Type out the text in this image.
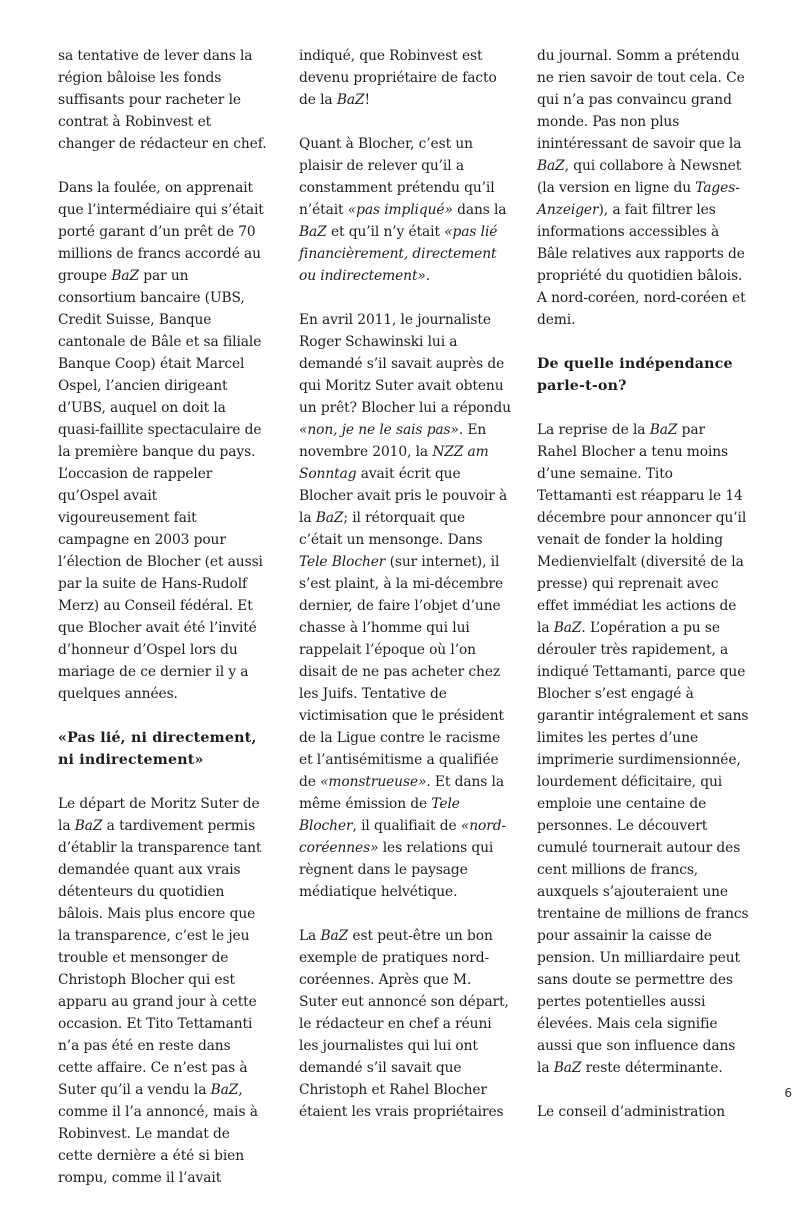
sa tentative de lever dans la région bâloise les fonds suffisants pour racheter le contrat à Robinvest et changer de rédacteur en chef.

Dans la foulée, on apprenait que l’intermédiaire qui s’était porté garant d’un prêt de 70 millions de francs accordé au groupe BaZ par un consortium bancaire (UBS, Credit Suisse, Banque cantonale de Bâle et sa filiale Banque Coop) était Marcel Ospel, l’ancien dirigeant d’UBS, auquel on doit la quasi-faillite spectaculaire de la première banque du pays. L’occasion de rappeler qu’Ospel avait vigoureusement fait campagne en 2003 pour l’élection de Blocher (et aussi par la suite de Hans-Rudolf Merz) au Conseil fédéral. Et que Blocher avait été l’invité d’honneur d’Ospel lors du mariage de ce dernier il y a quelques années.

«Pas lié, ni directement, ni indirectement»

Le départ de Moritz Suter de la BaZ a tardivement permis d’établir la transparence tant demandée quant aux vrais détenteurs du quotidien bâlois. Mais plus encore que la transparence, c’est le jeu trouble et mensonger de Christoph Blocher qui est apparu au grand jour à cette occasion. Et Tito Tettamanti n’a pas été en reste dans cette affaire. Ce n’est pas à Suter qu’il a vendu la BaZ, comme il l’a annoncé, mais à Robinvest. Le mandat de cette dernière a été si bien rompu, comme il l’avait

indiqué, que Robinvest est devenu propriétaire de facto de la BaZ!

Quant à Blocher, c’est un plaisir de relever qu’il a constamment prétendu qu’il n’était «pas impliqué» dans la BaZ et qu’il n’y était «pas lié financièrement, directement ou indirectement».

En avril 2011, le journaliste Roger Schawinski lui a demandé s’il savait auprès de qui Moritz Suter avait obtenu un prêt? Blocher lui a répondu «non, je ne le sais pas». En novembre 2010, la NZZ am Sonntag avait écrit que Blocher avait pris le pouvoir à la BaZ; il rétorquait que c’était un mensonge. Dans Tele Blocher (sur internet), il s’est plaint, à la mi-décembre dernier, de faire l’objet d’une chasse à l’homme qui lui rappelait l’époque où l’on disait de ne pas acheter chez les Juifs. Tentative de victimisation que le président de la Ligue contre le racisme et l’antisémitisme a qualifiée de «monstrueuse». Et dans la même émission de Tele Blocher, il qualifiait de «nord-coréennes» les relations qui règnent dans le paysage médiatique helvétique.

La BaZ est peut-être un bon exemple de pratiques nord-coréennes. Après que M. Suter eut annoncé son départ, le rédacteur en chef a réuni les journalistes qui lui ont demandé s’il savait que Christoph et Rahel Blocher étaient les vrais propriétaires

du journal. Somm a prétendu ne rien savoir de tout cela. Ce qui n’a pas convaincu grand monde. Pas non plus inintéressant de savoir que la BaZ, qui collabore à Newsnet (la version en ligne du Tages-Anzeiger), a fait filtrer les informations accessibles à Bâle relatives aux rapports de propriété du quotidien bâlois. A nord-coréen, nord-coréen et demi.

De quelle indépendance parle-t-on?

La reprise de la BaZ par Rahel Blocher a tenu moins d’une semaine. Tito Tettamanti est réapparu le 14 décembre pour annoncer qu’il venait de fonder la holding Medienvielfalt (diversité de la presse) qui reprenait avec effet immédiat les actions de la BaZ. L’opération a pu se dérouler très rapidement, a indiqué Tettamanti, parce que Blocher s’est engagé à garantir intégralement et sans limites les pertes d’une imprimerie surdimensionnée, lourdement déficitaire, qui emploie une centaine de personnes. Le découvert cumulé tournerait autour des cent millions de francs, auxquels s’ajouteraient une trentaine de millions de francs pour assainir la caisse de pension. Un milliardaire peut sans doute se permettre des pertes potentielles aussi élevées. Mais cela signifie aussi que son influence dans la BaZ reste déterminante.

Le conseil d’administration

6
